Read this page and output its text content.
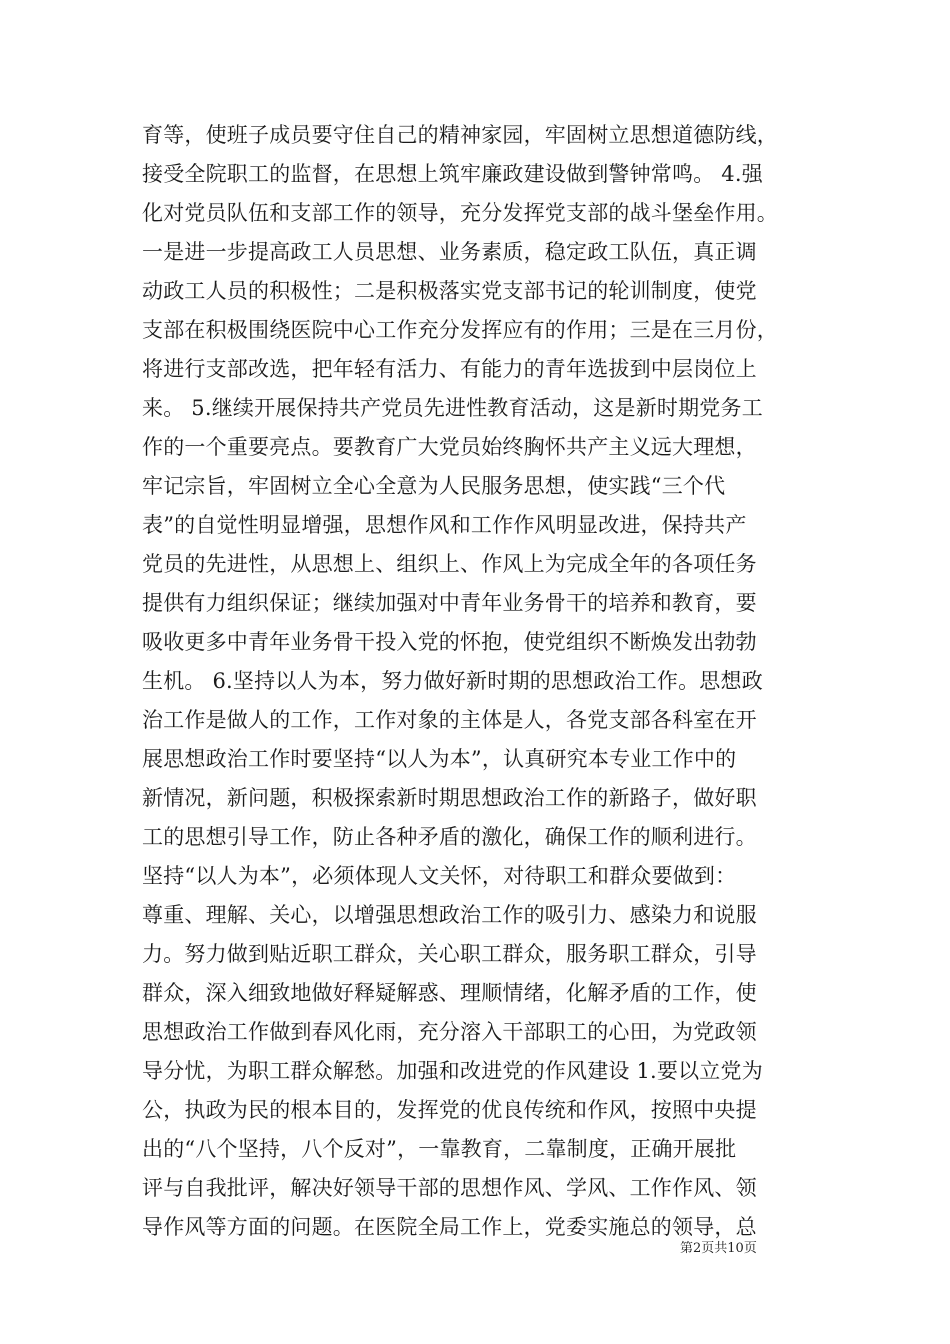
育等，使班子成员要守住自己的精神家园，牢固树立思想道德防线，
接受全院职工的监督，在思想上筑牢廉政建设做到警钟常鸣。 4.强
化对党员队伍和支部工作的领导，充分发挥党支部的战斗堡垒作用。
一是进一步提高政工人员思想、业务素质，稳定政工队伍，真正调
动政工人员的积极性；二是积极落实党支部书记的轮训制度，使党
支部在积极围绕医院中心工作充分发挥应有的作用；三是在三月份，
将进行支部改选，把年轻有活力、有能力的青年选拔到中层岗位上
来。 5.继续开展保持共产党员先进性教育活动，这是新时期党务工
作的一个重要亮点。要教育广大党员始终胸怀共产主义远大理想，
牢记宗旨，牢固树立全心全意为人民服务思想，使实践“三个代
表”的自觉性明显增强，思想作风和工作作风明显改进，保持共产
党员的先进性，从思想上、组织上、作风上为完成全年的各项任务
提供有力组织保证；继续加强对中青年业务骨干的培养和教育，要
吸收更多中青年业务骨干投入党的怀抱，使党组织不断焕发出勃勃
生机。 6.坚持以人为本，努力做好新时期的思想政治工作。思想政
治工作是做人的工作，工作对象的主体是人，各党支部各科室在开
展思想政治工作时要坚持“以人为本”，认真研究本专业工作中的
新情况，新问题，积极探索新时期思想政治工作的新路子，做好职
工的思想引导工作，防止各种矛盾的激化，确保工作的顺利进行。
坚持“以人为本”，必须体现人文关怀，对待职工和群众要做到：
尊重、理解、关心，以增强思想政治工作的吸引力、感染力和说服
力。努力做到贴近职工群众，关心职工群众，服务职工群众，引导
群众，深入细致地做好释疑解惑、理顺情绪，化解矛盾的工作，使
思想政治工作做到春风化雨，充分溶入干部职工的心田，为党政领
导分忧，为职工群众解愁。加强和改进党的作风建设 1.要以立党为
公，执政为民的根本目的，发挥党的优良传统和作风，按照中央提
出的“八个坚持，八个反对”，一靠教育，二靠制度，正确开展批
评与自我批评，解决好领导干部的思想作风、学风、工作作风、领
导作风等方面的问题。在医院全局工作上，党委实施总的领导，总
第2页共10页
